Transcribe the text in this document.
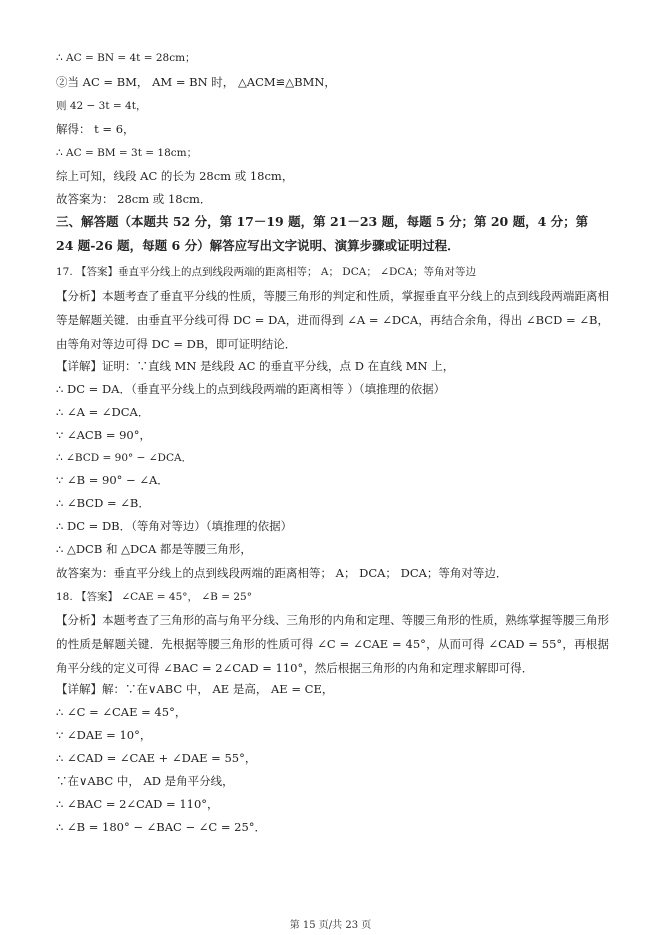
∴ AC = BN = 4t = 28cm；
②当 AC = BM， AM = BN 时， △ACM≌△BMN，
则 42 − 3t = 4t，
解得： t = 6，
∴ AC = BM = 3t = 18cm；
综上可知，线段 AC 的长为 28cm 或 18cm，
故答案为： 28cm 或 18cm．
三、解答题（本题共 52 分，第 17－19 题，第 21－23 题，每题 5 分；第 20 题，4 分；第 24 题-26 题，每题 6 分）解答应写出文字说明、演算步骤或证明过程．
17. 【答案】垂直平分线上的点到线段两端的距离相等； A； DCA； ∠DCA；等角对等边
【分析】本题考查了垂直平分线的性质，等腰三角形的判定和性质，掌握垂直平分线上的点到线段两端距离相等是解题关键．由垂直平分线可得 DC = DA，进而得到 ∠A = ∠DCA，再结合余角，得出 ∠BCD = ∠B，由等角对等边可得 DC = DB，即可证明结论．
【详解】证明：∵直线 MN 是线段 AC 的垂直平分线，点 D 在直线 MN 上，
∴ DC = DA．（垂直平分线上的点到线段两端的距离相等 ）（填推理的依据）
∴ ∠A = ∠DCA．
∵ ∠ACB = 90°，
∴ ∠BCD = 90° − ∠DCA．
∵ ∠B = 90° − ∠A．
∴ ∠BCD = ∠B．
∴ DC = DB．（等角对等边）（填推理的依据）
∴ △DCB 和 △DCA 都是等腰三角形，
故答案为：垂直平分线上的点到线段两端的距离相等； A； DCA； DCA；等角对等边．
18. 【答案】 ∠CAE = 45°， ∠B = 25°
【分析】本题考查了三角形的高与角平分线、三角形的内角和定理、等腰三角形的性质，熟练掌握等腰三角形的性质是解题关键．先根据等腰三角形的性质可得 ∠C = ∠CAE = 45°，从而可得 ∠CAD = 55°，再根据角平分线的定义可得 ∠BAC = 2∠CAD = 110°，然后根据三角形的内角和定理求解即可得．
【详解】解：∵在∨ABC 中， AE 是高， AE = CE，
∴ ∠C = ∠CAE = 45°，
∵ ∠DAE = 10°，
∴ ∠CAD = ∠CAE + ∠DAE = 55°，
∵在∨ABC 中， AD 是角平分线，
∴ ∠BAC = 2∠CAD = 110°，
∴ ∠B = 180° − ∠BAC − ∠C = 25°．
第 15 页/共 23 页
